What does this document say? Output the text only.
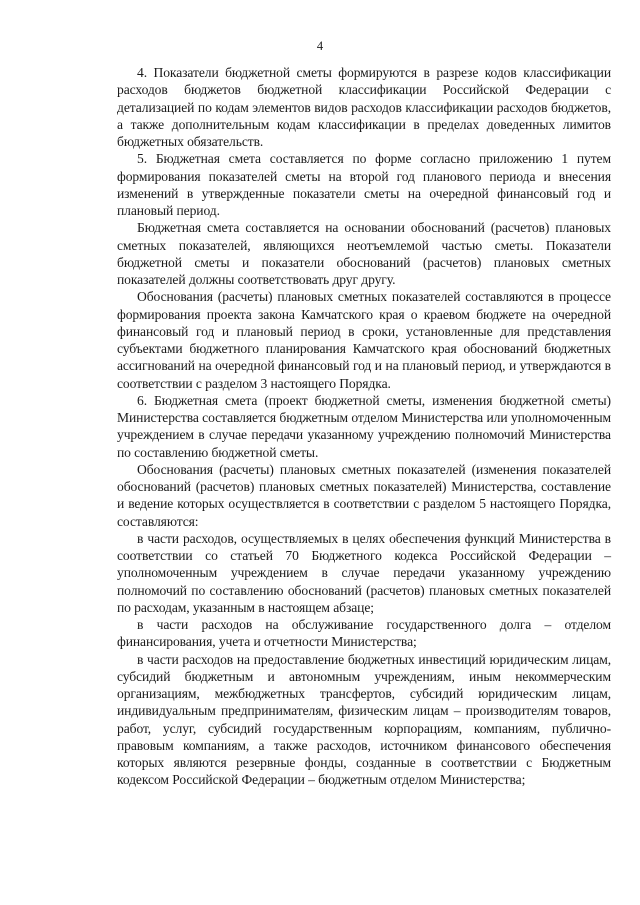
4

4. Показатели бюджетной сметы формируются в разрезе кодов классификации расходов бюджетов бюджетной классификации Российской Федерации с детализацией по кодам элементов видов расходов классификации расходов бюджетов, а также дополнительным кодам классификации в пределах доведенных лимитов бюджетных обязательств.

5. Бюджетная смета составляется по форме согласно приложению 1 путем формирования показателей сметы на второй год планового периода и внесения изменений в утвержденные показатели сметы на очередной финансовый год и плановый период.

Бюджетная смета составляется на основании обоснований (расчетов) плановых сметных показателей, являющихся неотъемлемой частью сметы. Показатели бюджетной сметы и показатели обоснований (расчетов) плановых сметных показателей должны соответствовать друг другу.

Обоснования (расчеты) плановых сметных показателей составляются в процессе формирования проекта закона Камчатского края о краевом бюджете на очередной финансовый год и плановый период в сроки, установленные для представления субъектами бюджетного планирования Камчатского края обоснований бюджетных ассигнований на очередной финансовый год и на плановый период, и утверждаются в соответствии с разделом 3 настоящего Порядка.

6. Бюджетная смета (проект бюджетной сметы, изменения бюджетной сметы) Министерства составляется бюджетным отделом Министерства или уполномоченным учреждением в случае передачи указанному учреждению полномочий Министерства по составлению бюджетной сметы.

Обоснования (расчеты) плановых сметных показателей (изменения показателей обоснований (расчетов) плановых сметных показателей) Министерства, составление и ведение которых осуществляется в соответствии с разделом 5 настоящего Порядка, составляются:

в части расходов, осуществляемых в целях обеспечения функций Министерства в соответствии со статьей 70 Бюджетного кодекса Российской Федерации – уполномоченным учреждением в случае передачи указанному учреждению полномочий по составлению обоснований (расчетов) плановых сметных показателей по расходам, указанным в настоящем абзаце;

в части расходов на обслуживание государственного долга – отделом финансирования, учета и отчетности Министерства;

в части расходов на предоставление бюджетных инвестиций юридическим лицам, субсидий бюджетным и автономным учреждениям, иным некоммерческим организациям, межбюджетных трансфертов, субсидий юридическим лицам, индивидуальным предпринимателям, физическим лицам – производителям товаров, работ, услуг, субсидий государственным корпорациям, компаниям, публично-правовым компаниям, а также расходов, источником финансового обеспечения которых являются резервные фонды, созданные в соответствии с Бюджетным кодексом Российской Федерации – бюджетным отделом Министерства;
